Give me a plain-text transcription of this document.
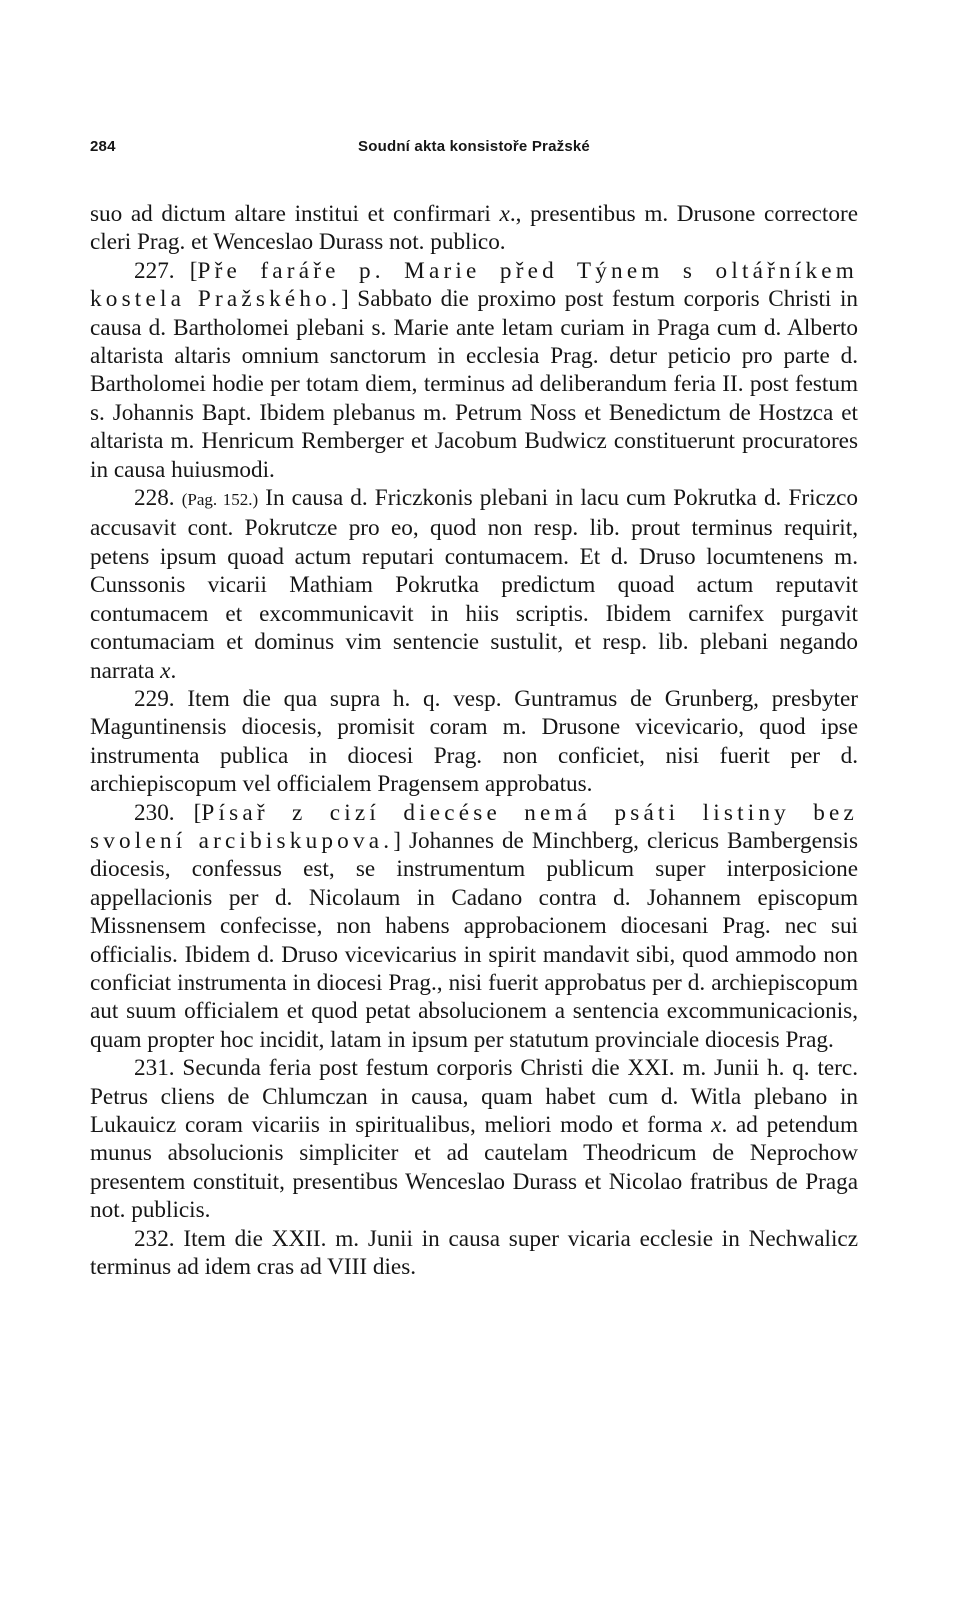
284	Soudní akta konsistoře Pražské

suo ad dictum altare institui et confirmari x., presentibus m. Drusone correctore cleri Prag. et Wenceslao Durass not. publico.

227. [Pře faráře p. Marie před Týnem s oltářníkem kostela Pražského.] Sabbato die proximo post festum corporis Christi in causa d. Bartholomei plebani s. Marie ante letam curiam in Praga cum d. Alberto altarista altaris omnium sanctorum in ecclesia Prag. detur peticio pro parte d. Bartholomei hodie per totam diem, terminus ad deliberandum feria II. post festum s. Johannis Bapt. Ibidem plebanus m. Petrum Noss et Benedictum de Hostzca et altarista m. Henricum Remberger et Jacobum Budwicz constituerunt procuratores in causa huiusmodi.

228. (Pag. 152.) In causa d. Friczkonis plebani in lacu cum Pokrutka d. Friczco accusavit cont. Pokrutcze pro eo, quod non resp. lib. prout terminus requirit, petens ipsum quoad actum reputari contumacem. Et d. Druso locumtenens m. Cunssonis vicarii Mathiam Pokrutka predictum quoad actum reputavit contumacem et excommunicavit in hiis scriptis. Ibidem carnifex purgavit contumaciam et dominus vim sentencie sustulit, et resp. lib. plebani negando narrata x.

229. Item die qua supra h. q. vesp. Guntramus de Grunberg, presbyter Maguntinensis diocesis, promisit coram m. Drusone vicevicario, quod ipse instrumenta publica in diocesi Prag. non conficiet, nisi fuerit per d. archiepiscopum vel officialem Pragensem approbatus.

230. [Písař z cizí diecése nemá psáti listiny bez svolení arcibiskupova.] Johannes de Minchberg, clericus Bambergensis diocesis, confessus est, se instrumentum publicum super interposicione appellacionis per d. Nicolaum in Cadano contra d. Johannem episcopum Missnensem confecisse, non habens approbacionem diocesani Prag. nec sui officialis. Ibidem d. Druso vicevicarius in spirit mandavit sibi, quod ammodo non conficiat instrumenta in diocesi Prag., nisi fuerit approbatus per d. archiepiscopum aut suum officialem et quod petat absolucionem a sentencia excommunicacionis, quam propter hoc incidit, latam in ipsum per statutum provinciale diocesis Prag.

231. Secunda feria post festum corporis Christi die XXI. m. Junii h. q. terc. Petrus cliens de Chlumczan in causa, quam habet cum d. Witla plebano in Lukauicz coram vicariis in spiritualibus, meliori modo et forma x. ad petendum munus absolucionis simpliciter et ad cautelam Theodricum de Neprochow presentem constituit, presentibus Wenceslao Durass et Nicolao fratribus de Praga not. publicis.

232. Item die XXII. m. Junii in causa super vicaria ecclesie in Nechwalicz terminus ad idem cras ad VIII dies.
